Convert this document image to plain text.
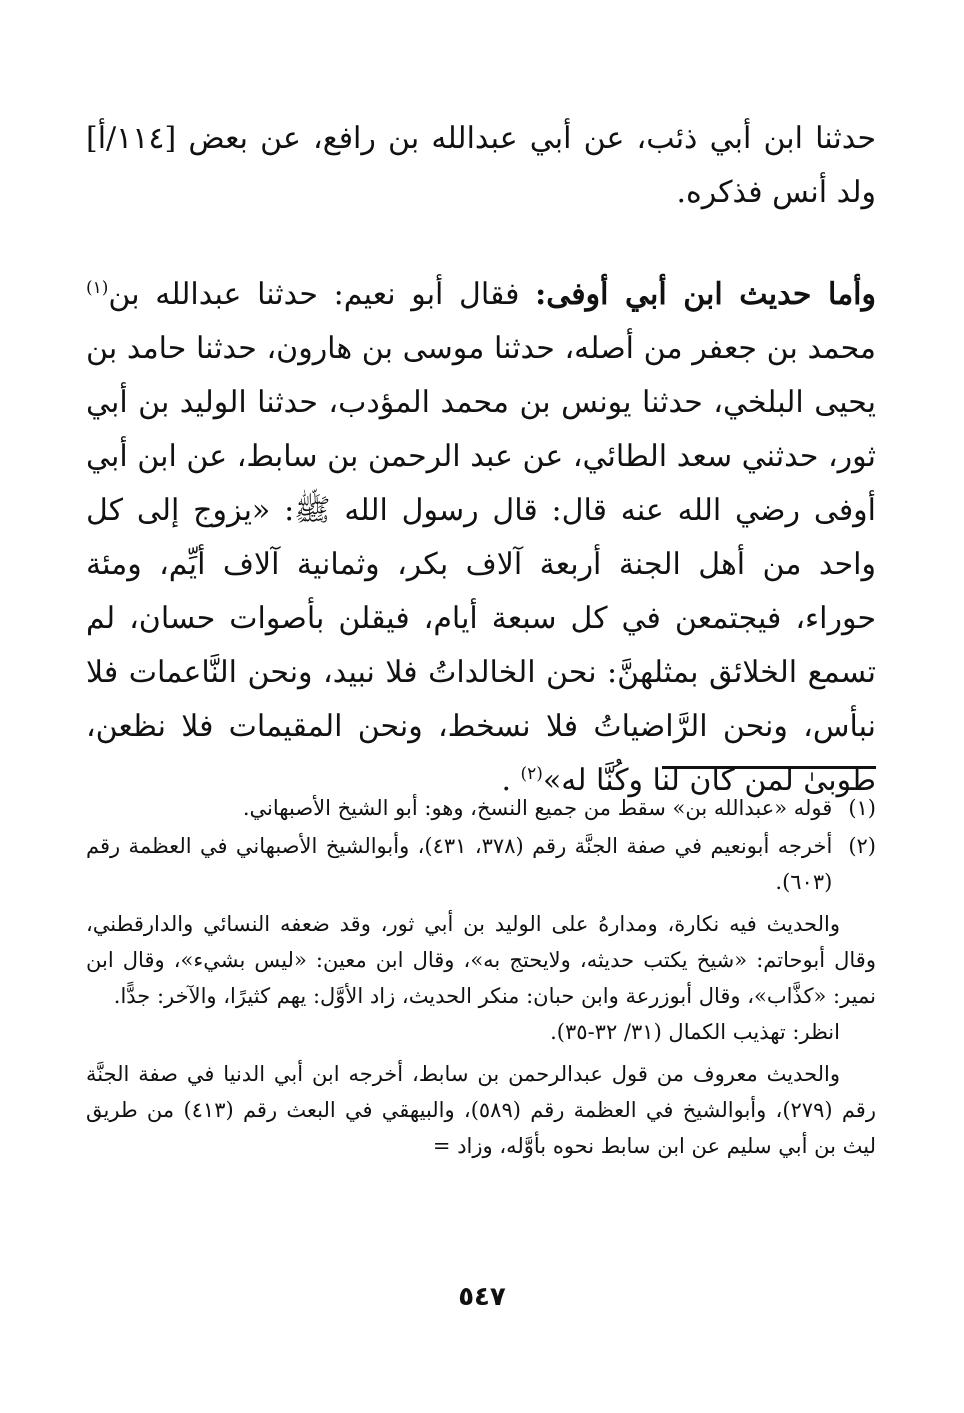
حدثنا ابن أبي ذئب، عن أبي عبدالله بن رافع، عن بعض [١١٤/أ] ولد أنس فذكره.
وأما حديث ابن أبي أوفى: فقال أبو نعيم: حدثنا عبدالله بن$^{(١)}$ محمد بن جعفر من أصله، حدثنا موسى بن هارون، حدثنا حامد بن يحيى البلخي، حدثنا يونس بن محمد المؤدب، حدثنا الوليد بن أبي ثور، حدثني سعد الطائي، عن عبد الرحمن بن سابط، عن ابن أبي أوفى رضي الله عنه قال: قال رسول الله ﷺ: «يزوج إلى كل واحد من أهل الجنة أربعة آلاف بكر، وثمانية آلاف أيِّم، ومئة حوراء، فيجتمعن في كل سبعة أيام، فيقلن بأصوات حسان، لم تسمع الخلائق بمثلهنَّ: نحن الخالداتُ فلا نبيد، ونحن النَّاعمات فلا نبأس، ونحن الرَّاضياتُ فلا نسخط، ونحن المقيمات فلا نظعن، طوبىٰ لمن كان لنا وكُنَّا له»$^{(٢)}$ .
(١)
قوله «عبدالله بن» سقط من جميع النسخ، وهو: أبو الشيخ الأصبهاني.
(٢)
أخرجه أبونعيم في صفة الجنَّة رقم (٣٧٨، ٤٣١)، وأبوالشيخ الأصبهاني في العظمة رقم (٦٠٣).
والحديث فيه نكارة، ومدارهُ على الوليد بن أبي ثور، وقد ضعفه النسائي والدارقطني، وقال أبوحاتم: «شيخ يكتب حديثه، ولايحتج به»، وقال ابن معين: «ليس بشيء»، وقال ابن نمير: «كذَّاب»، وقال أبوزرعة وابن حبان: منكر الحديث، زاد الأوَّل: يهم كثيرًا، والآخر: جدًّا.
انظر: تهذيب الكمال (٣١/ ٣٢-٣٥).
والحديث معروف من قول عبدالرحمن بن سابط، أخرجه ابن أبي الدنيا في صفة الجنَّة رقم (٢٧٩)، وأبوالشيخ في العظمة رقم (٥٨٩)، والبيهقي في البعث رقم (٤١٣) من طريق ليث بن أبي سليم عن ابن سابط نحوه بأوَّله، وزاد =
٥٤٧
